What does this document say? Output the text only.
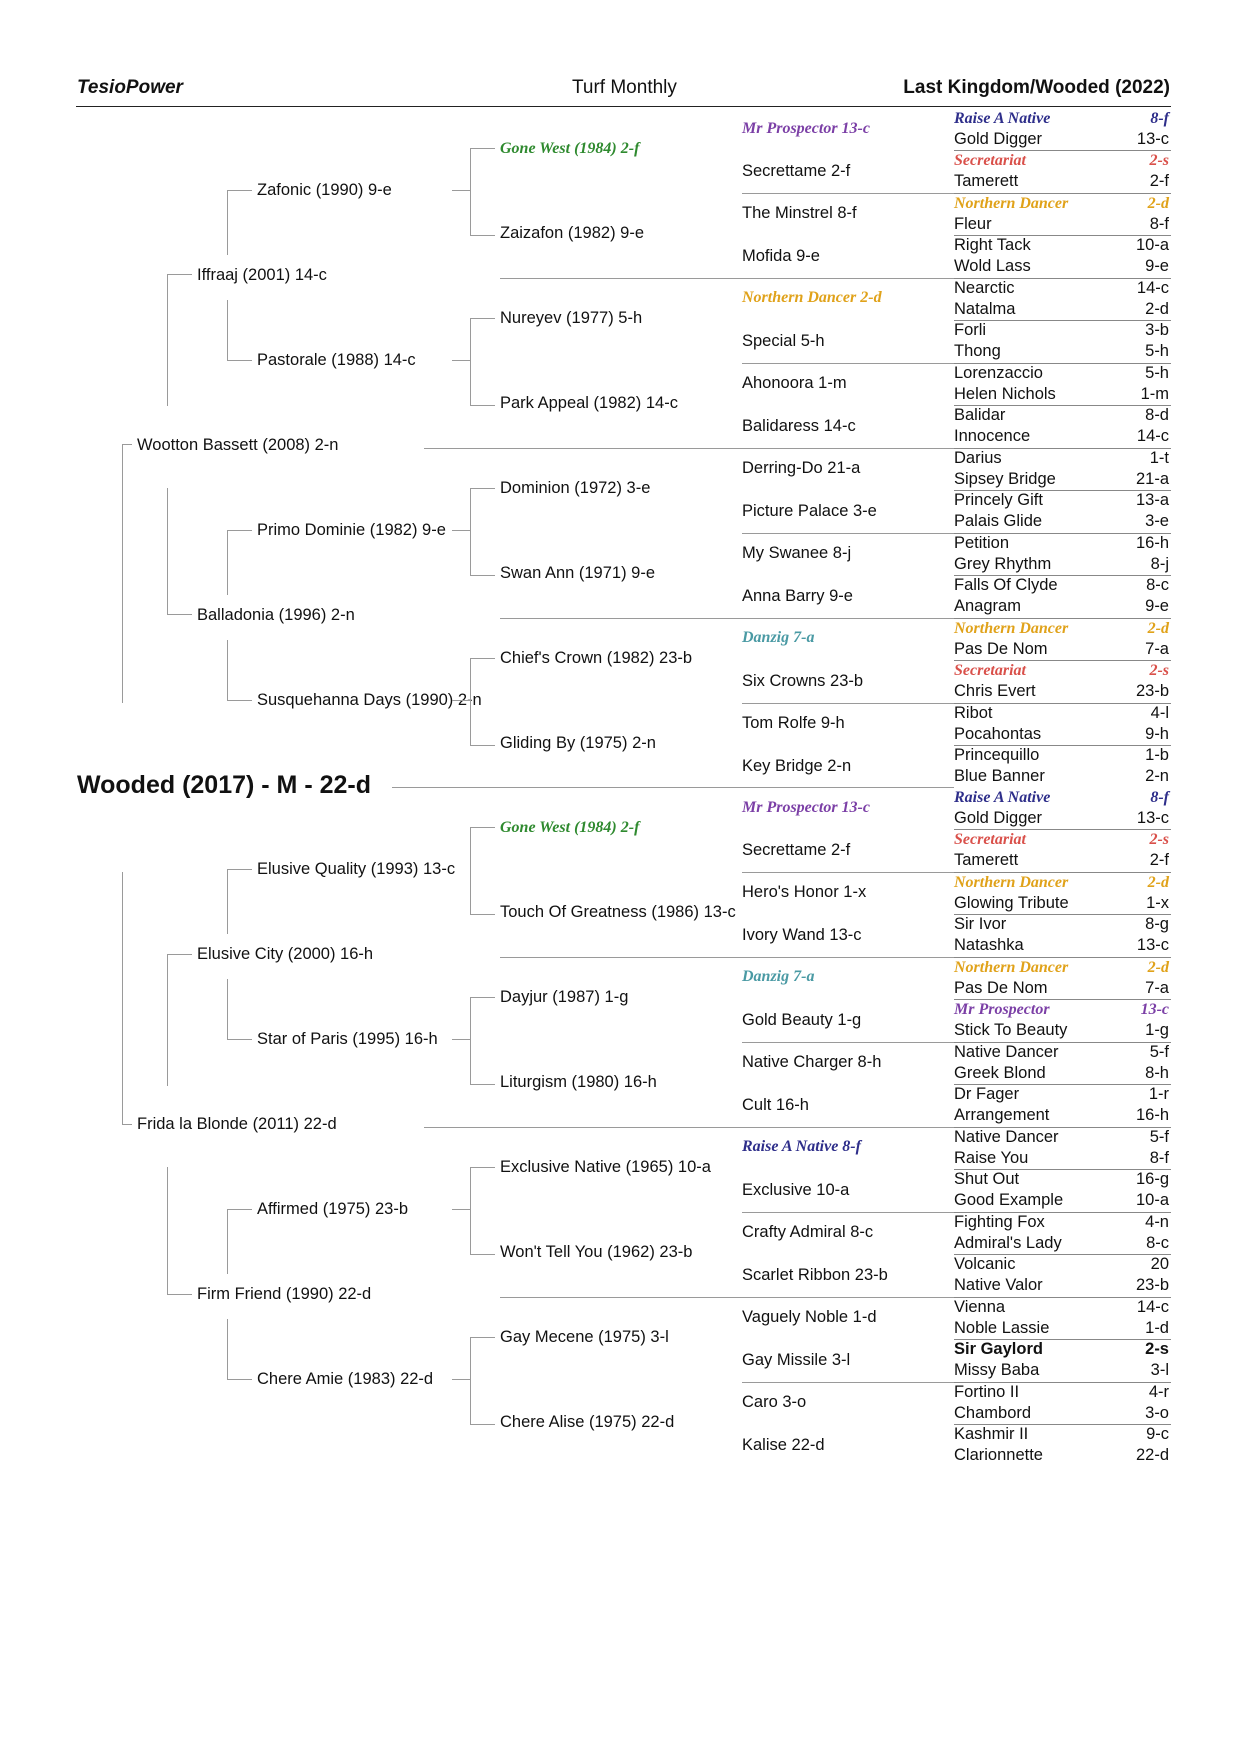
TesioPower	Turf Monthly	Last Kingdom/Wooded (2022)
Wooded (2017) - M - 22-d
Wootton Bassett (2008) 2-n
Iffraaj (2001) 14-c
Balladonia (1996) 2-n
Zafonic (1990) 9-e
Pastorale (1988) 14-c
Primo Dominie (1982) 9-e
Susquehanna Days (1990) 2-n
Gone West (1984) 2-f
Zaizafon (1982) 9-e
Nureyev (1977) 5-h
Park Appeal (1982) 14-c
Dominion (1972) 3-e
Swan Ann (1971) 9-e
Chief's Crown (1982) 23-b
Gliding By (1975) 2-n
Mr Prospector 13-c
Secrettame 2-f
The Minstrel 8-f
Mofida 9-e
Northern Dancer 2-d
Special 5-h
Ahonoora 1-m
Balidaress 14-c
Derring-Do 21-a
Picture Palace 3-e
My Swanee 8-j
Anna Barry 9-e
Danzig 7-a
Six Crowns 23-b
Tom Rolfe 9-h
Key Bridge 2-n
Raise A Native	8-f
Gold Digger	13-c
Secretariat	2-s
Tamerett	2-f
Northern Dancer	2-d
Fleur	8-f
Right Tack	10-a
Wold Lass	9-e
Nearctic	14-c
Natalma	2-d
Forli	3-b
Thong	5-h
Lorenzaccio	5-h
Helen Nichols	1-m
Balidar	8-d
Innocence	14-c
Darius	1-t
Sipsey Bridge	21-a
Princely Gift	13-a
Palais Glide	3-e
Petition	16-h
Grey Rhythm	8-j
Falls Of Clyde	8-c
Anagram	9-e
Northern Dancer	2-d
Pas De Nom	7-a
Secretariat	2-s
Chris Evert	23-b
Ribot	4-l
Pocahontas	9-h
Princequillo	1-b
Blue Banner	2-n
Frida la Blonde (2011) 22-d
Elusive City (2000) 16-h
Firm Friend (1990) 22-d
Elusive Quality (1993) 13-c
Star of Paris (1995) 16-h
Affirmed (1975) 23-b
Chere Amie (1983) 22-d
Gone West (1984) 2-f
Touch Of Greatness (1986) 13-c
Dayjur (1987) 1-g
Liturgism (1980) 16-h
Exclusive Native (1965) 10-a
Won't Tell You (1962) 23-b
Gay Mecene (1975) 3-l
Chere Alise (1975) 22-d
Mr Prospector 13-c
Secrettame 2-f
Hero's Honor 1-x
Ivory Wand 13-c
Danzig 7-a
Gold Beauty 1-g
Native Charger 8-h
Cult 16-h
Raise A Native 8-f
Exclusive 10-a
Crafty Admiral 8-c
Scarlet Ribbon 23-b
Vaguely Noble 1-d
Gay Missile 3-l
Caro 3-o
Kalise 22-d
Raise A Native	8-f
Gold Digger	13-c
Secretariat	2-s
Tamerett	2-f
Northern Dancer	2-d
Glowing Tribute	1-x
Sir Ivor	8-g
Natashka	13-c
Northern Dancer	2-d
Pas De Nom	7-a
Mr Prospector	13-c
Stick To Beauty	1-g
Native Dancer	5-f
Greek Blond	8-h
Dr Fager	1-r
Arrangement	16-h
Native Dancer	5-f
Raise You	8-f
Shut Out	16-g
Good Example	10-a
Fighting Fox	4-n
Admiral's Lady	8-c
Volcanic	20
Native Valor	23-b
Vienna	14-c
Noble Lassie	1-d
Sir Gaylord	2-s
Missy Baba	3-l
Fortino II	4-r
Chambord	3-o
Kashmir II	9-c
Clarionnette	22-d
